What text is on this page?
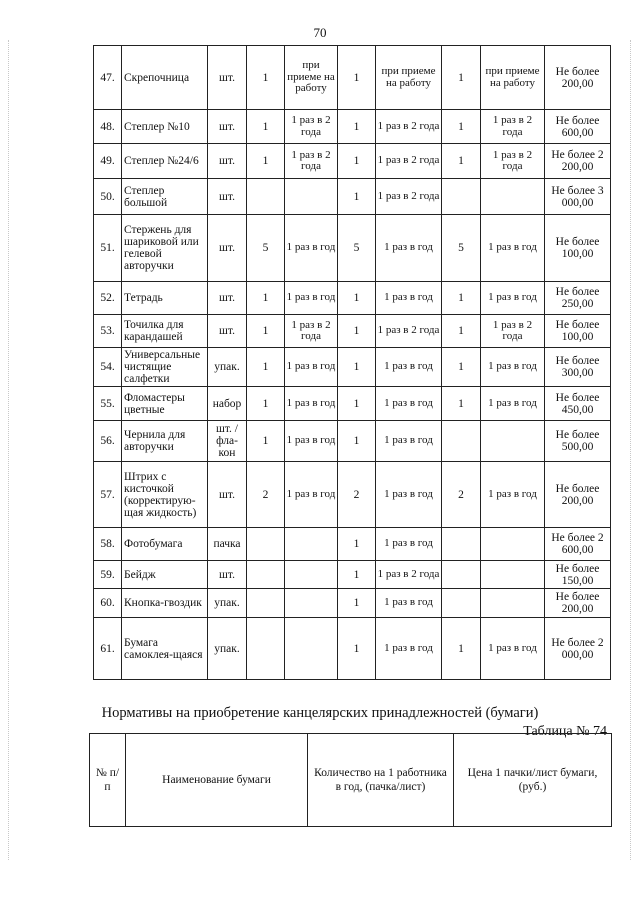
70
47.	Скрепочница	шт.	1	при приеме на работу	1	при приеме на работу	1	при приеме на работу	Не более 200,00
48.	Степлер №10	шт.	1	1 раз в 2 года	1	1 раз в 2 года	1	1 раз в 2 года	Не более 600,00
49.	Степлер №24/6	шт.	1	1 раз в 2 года	1	1 раз в 2 года	1	1 раз в 2 года	Не более 2 200,00
50.	Степлер большой	шт.			1	1 раз в 2 года			Не более 3 000,00
51.	Стержень для шариковой или гелевой авторучки	шт.	5	1 раз в год	5	1 раз в год	5	1 раз в год	Не более 100,00
52.	Тетрадь	шт.	1	1 раз в год	1	1 раз в год	1	1 раз в год	Не более 250,00
53.	Точилка для карандашей	шт.	1	1 раз в 2 года	1	1 раз в 2 года	1	1 раз в 2 года	Не более 100,00
54.	Универсальные чистящие салфетки	упак.	1	1 раз в год	1	1 раз в год	1	1 раз в год	Не более 300,00
55.	Фломастеры цветные	набор	1	1 раз в год	1	1 раз в год	1	1 раз в год	Не более 450,00
56.	Чернила для авторучки	шт. / фла-кон	1	1 раз в год	1	1 раз в год			Не более 500,00
57.	Штрих с кисточкой (корректирую-щая жидкость)	шт.	2	1 раз в год	2	1 раз в год	2	1 раз в год	Не более 200,00
58.	Фотобумага	пачка			1	1 раз в год			Не более 2 600,00
59.	Бейдж	шт.			1	1 раз в 2 года			Не более 150,00
60.	Кнопка-гвоздик	упак.			1	1 раз в год			Не более 200,00
61.	Бумага самоклея-щаяся	упак.			1	1 раз в год	1	1 раз в год	Не более 2 000,00
Нормативы на приобретение канцелярских принадлежностей (бумаги)
Таблица № 74
№ п/п	Наименование бумаги	Количество на 1 работника в год, (пачка/лист)	Цена 1 пачки/лист бумаги, (руб.)
